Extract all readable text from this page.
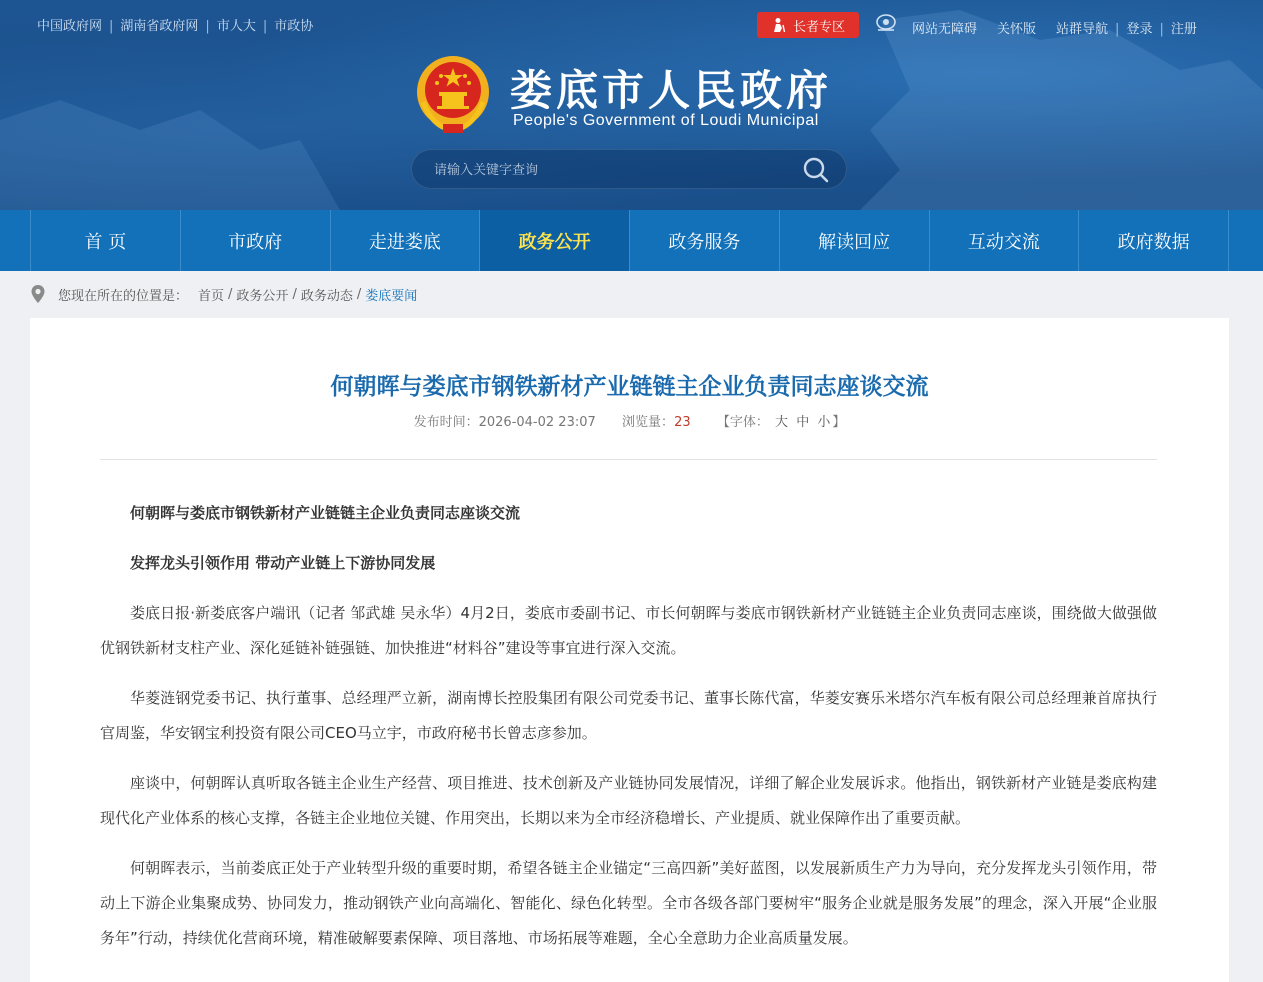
中国政府网 | 湖南省政府网 | 市人大 | 市政协	长者专区	网站无障碍 关怀版 站群导航 | 登录 | 注册
娄底市人民政府
People's Government of Loudi Municipal
请输入关键字查询
首 页	市政府	走进娄底	政务公开	政务服务	解读回应	互动交流	政府数据
您现在所在的位置是： 首页 / 政务公开 / 政务动态 / 娄底要闻
何朝晖与娄底市钢铁新材产业链链主企业负责同志座谈交流
发布时间：2026-04-02 23:07 浏览量：23 【字体： 大 中 小 】

何朝晖与娄底市钢铁新材产业链链主企业负责同志座谈交流

发挥龙头引领作用 带动产业链上下游协同发展

娄底日报·新娄底客户端讯（记者 邹武雄 吴永华）4月2日，娄底市委副书记、市长何朝晖与娄底市钢铁新材产业链链主企业负责同志座谈，围绕做大做强做优钢铁新材支柱产业、深化延链补链强链、加快推进“材料谷”建设等事宜进行深入交流。

华菱涟钢党委书记、执行董事、总经理严立新，湖南博长控股集团有限公司党委书记、董事长陈代富，华菱安赛乐米塔尔汽车板有限公司总经理兼首席执行官周鉴，华安钢宝利投资有限公司CEO马立宇，市政府秘书长曾志彦参加。

座谈中，何朝晖认真听取各链主企业生产经营、项目推进、技术创新及产业链协同发展情况，详细了解企业发展诉求。他指出，钢铁新材产业链是娄底构建现代化产业体系的核心支撑，各链主企业地位关键、作用突出，长期以来为全市经济稳增长、产业提质、就业保障作出了重要贡献。

何朝晖表示，当前娄底正处于产业转型升级的重要时期，希望各链主企业锚定“三高四新”美好蓝图，以发展新质生产力为导向，充分发挥龙头引领作用，带动上下游企业集聚成势、协同发力，推动钢铁产业向高端化、智能化、绿色化转型。全市各级各部门要树牢“服务企业就是服务发展”的理念，深入开展“企业服务年”行动，持续优化营商环境，精准破解要素保障、项目落地、市场拓展等难题，全心全意助力企业高质量发展。
